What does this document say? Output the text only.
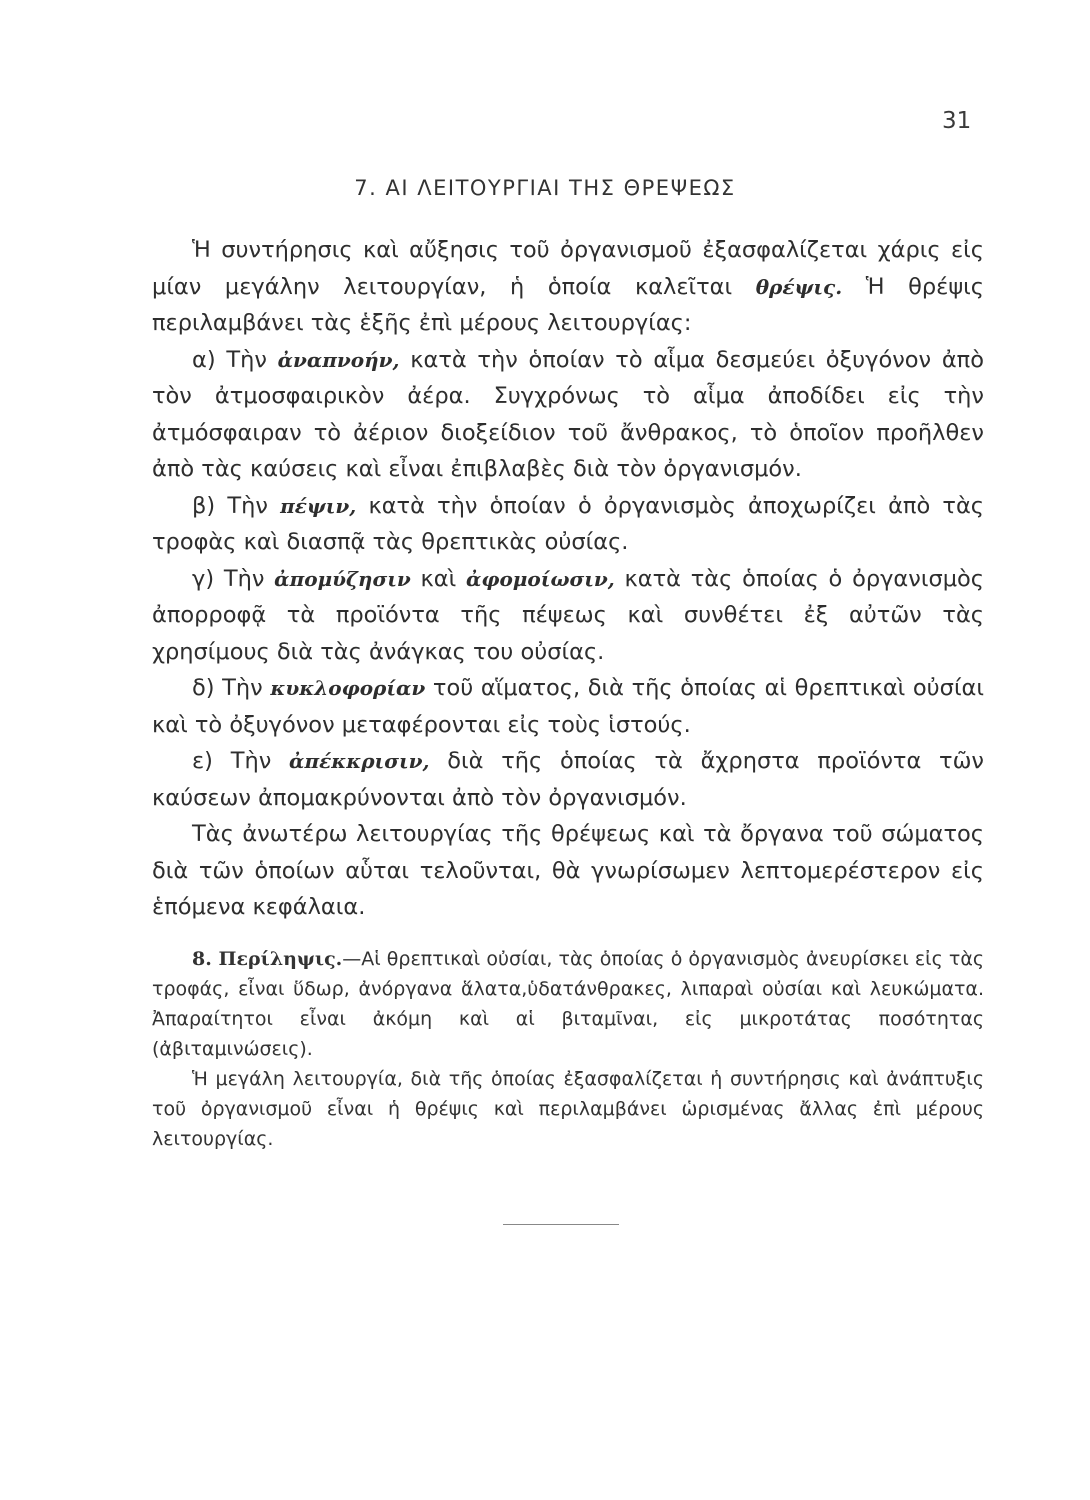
31
7. ΑΙ ΛΕΙΤΟΥΡΓΙΑΙ ΤΗΣ ΘΡΕΨΕΩΣ

Ἡ συντήρησις καὶ αὔξησις τοῦ ὀργανισμοῦ ἐξασφαλίζεται χάρις εἰς μίαν μεγάλην λειτουργίαν, ἡ ὁποία καλεῖται θρέψις. Ἡ θρέψις περιλαμβάνει τὰς ἑξῆς ἐπὶ μέρους λειτουργίας:

α) Τὴν ἀναπνοήν, κατὰ τὴν ὁποίαν τὸ αἷμα δεσμεύει ὀξυγόνον ἀπὸ τὸν ἀτμοσφαιρικὸν ἀέρα. Συγχρόνως τὸ αἷμα ἀποδίδει εἰς τὴν ἀτμόσφαιραν τὸ ἀέριον διοξείδιον τοῦ ἄνθρακος, τὸ ὁποῖον προῆλθεν ἀπὸ τὰς καύσεις καὶ εἶναι ἐπιβλαβὲς διὰ τὸν ὀργανισμόν.

β) Τὴν πέψιν, κατὰ τὴν ὁποίαν ὁ ὀργανισμὸς ἀποχωρίζει ἀπὸ τὰς τροφὰς καὶ διασπᾷ τὰς θρεπτικὰς οὐσίας.

γ) Τὴν ἀπομύζησιν καὶ ἀφομοίωσιν, κατὰ τὰς ὁποίας ὁ ὀργανισμὸς ἀπορροφᾷ τὰ προϊόντα τῆς πέψεως καὶ συνθέτει ἐξ αὐτῶν τὰς χρησίμους διὰ τὰς ἀνάγκας του οὐσίας.

δ) Τὴν κυκλοφορίαν τοῦ αἵματος, διὰ τῆς ὁποίας αἱ θρεπτικαὶ οὐσίαι καὶ τὸ ὀξυγόνον μεταφέρονται εἰς τοὺς ἱστούς.

ε) Τὴν ἀπέκκρισιν, διὰ τῆς ὁποίας τὰ ἄχρηστα προϊόντα τῶν καύσεων ἀπομακρύνονται ἀπὸ τὸν ὀργανισμόν.

Τὰς ἀνωτέρω λειτουργίας τῆς θρέψεως καὶ τὰ ὄργανα τοῦ σώματος διὰ τῶν ὁποίων αὗται τελοῦνται, θὰ γνωρίσωμεν λεπτομερέστερον εἰς ἑπόμενα κεφάλαια.

8. Περίληψις.—Αἱ θρεπτικαὶ οὐσίαι, τὰς ὁποίας ὁ ὀργανισμὸς ἀνευρίσκει εἰς τὰς τροφάς, εἶναι ὕδωρ, ἀνόργανα ἅλατα,ὑδατάνθρακες, λιπαραὶ οὐσίαι καὶ λευκώματα. Ἀπαραίτητοι εἶναι ἀκόμη καὶ αἱ βιταμῖναι, εἰς μικροτάτας ποσότητας (ἀβιταμινώσεις).

Ἡ μεγάλη λειτουργία, διὰ τῆς ὁποίας ἐξασφαλίζεται ἡ συντήρησις καὶ ἀνάπτυξις τοῦ ὀργανισμοῦ εἶναι ἡ θρέψις καὶ περιλαμβάνει ὡρισμένας ἄλλας ἐπὶ μέρους λειτουργίας.
